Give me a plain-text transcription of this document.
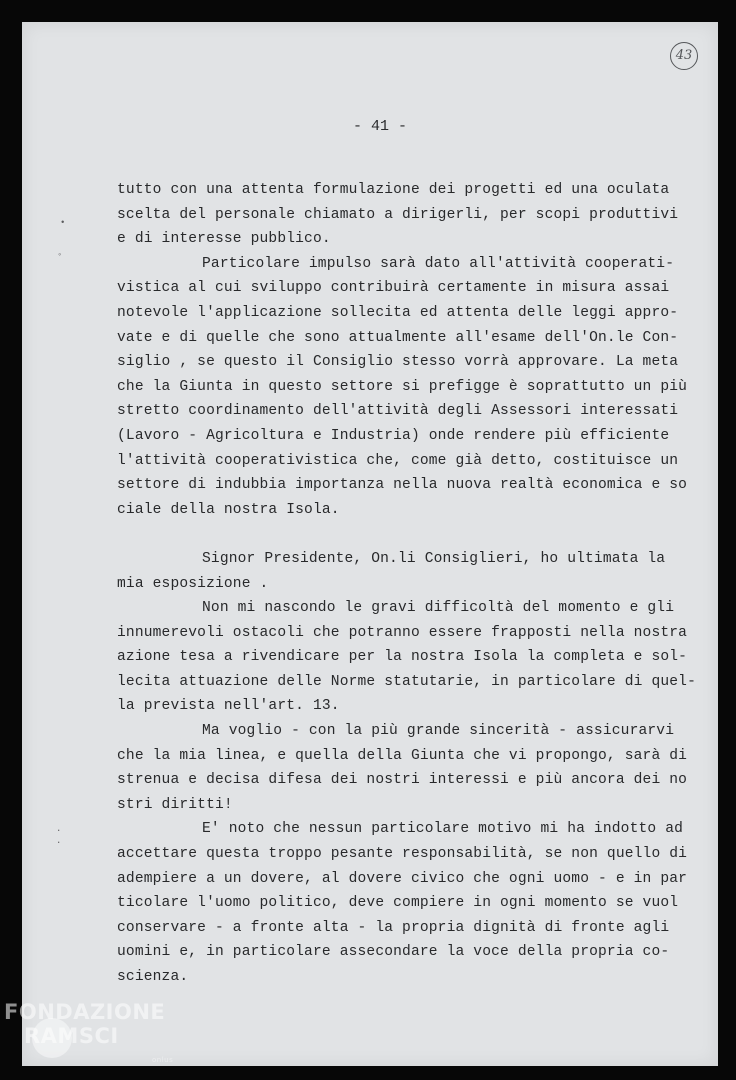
43
- 41 -
•
◦
·
·
tutto con una attenta formulazione dei progetti ed una oculata
scelta del personale chiamato a dirigerli, per scopi produttivi
e di interesse pubblico.
Particolare impulso sarà dato all'attività cooperati-
vistica al cui sviluppo contribuirà certamente in misura assai
notevole l'applicazione sollecita ed attenta delle leggi appro-
vate e di quelle che sono attualmente all'esame dell'On.le Con-
siglio , se questo il Consiglio stesso vorrà approvare. La meta
che la Giunta in questo settore si prefigge è soprattutto un più
stretto coordinamento dell'attività degli Assessori interessati
(Lavoro - Agricoltura e Industria) onde rendere più efficiente
l'attività cooperativistica che, come già detto, costituisce un
settore di indubbia importanza nella nuova realtà economica e so
ciale della nostra Isola.
Signor Presidente, On.li Consiglieri, ho ultimata la
mia esposizione .
Non mi nascondo le gravi difficoltà del momento e gli
innumerevoli ostacoli che potranno essere frapposti nella nostra
azione tesa a rivendicare per la nostra Isola la completa e sol-
lecita attuazione delle Norme statutarie, in particolare di quel-
la prevista nell'art. 13.
Ma voglio - con la più grande sincerità - assicurarvi
che la mia linea, e quella della Giunta che vi propongo, sarà di
strenua e decisa difesa dei nostri interessi e più ancora dei no
stri diritti!
E' noto che nessun particolare motivo mi ha indotto ad
accettare questa troppo pesante responsabilità, se non quello di
adempiere a un dovere, al dovere civico che ogni uomo - e in par
ticolare l'uomo politico, deve compiere in ogni momento se vuol
conservare - a fronte alta - la propria dignità di fronte agli
uomini e, in particolare assecondare la voce della propria co-
scienza.
FONDAZIONE
RAMSCI
onlus
